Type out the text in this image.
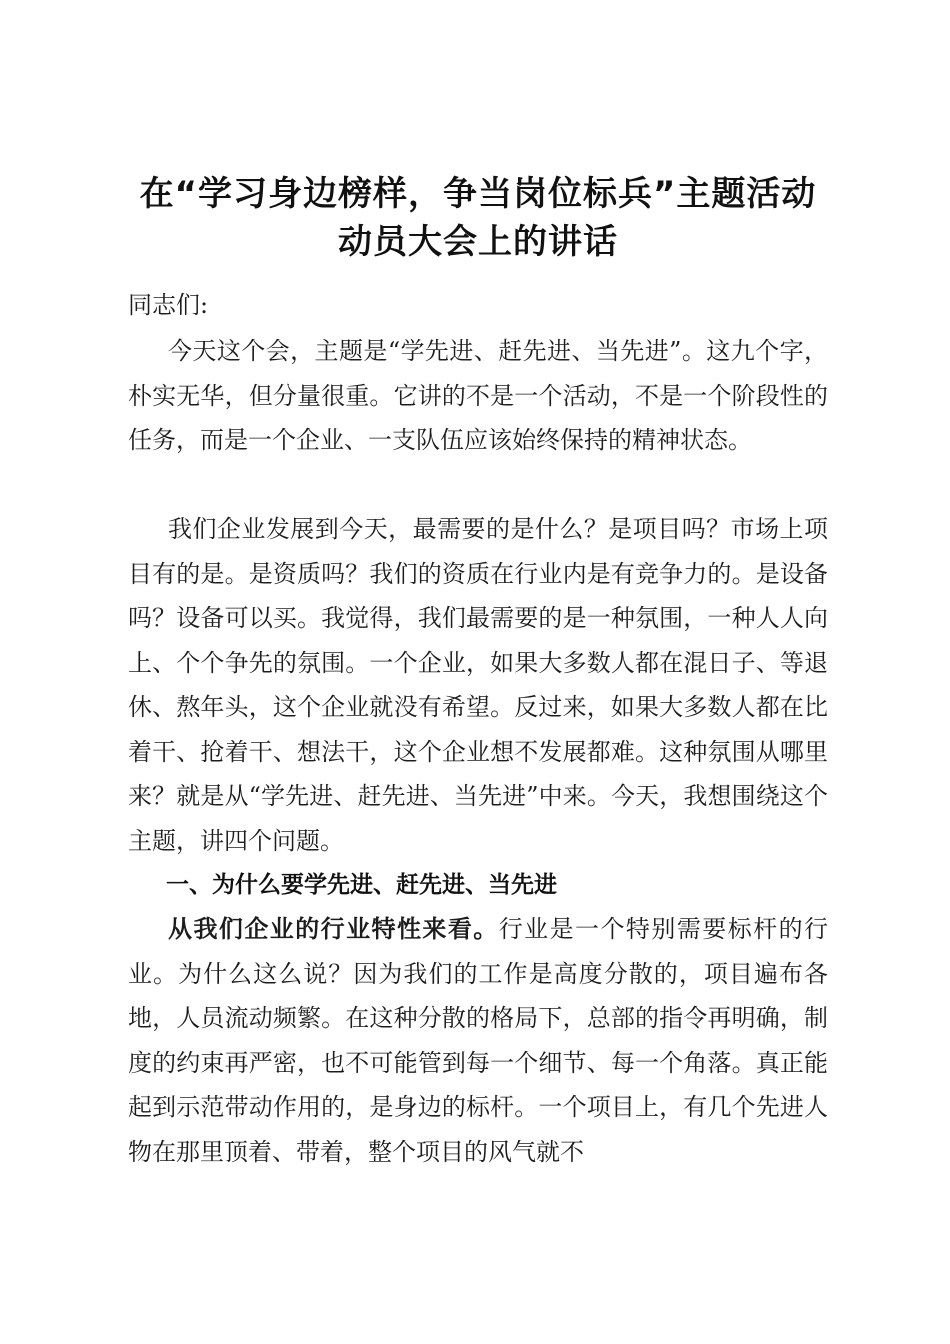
在“学习身边榜样，争当岗位标兵”主题活动
动员大会上的讲话
同志们:

今天这个会，主题是“学先进、赶先进、当先进”。这九个字，朴实无华，但分量很重。它讲的不是一个活动，不是一个阶段性的任务，而是一个企业、一支队伍应该始终保持的精神状态。

我们企业发展到今天，最需要的是什么？是项目吗？市场上项目有的是。是资质吗？我们的资质在行业内是有竞争力的。是设备吗？设备可以买。我觉得，我们最需要的是一种氛围，一种人人向上、个个争先的氛围。一个企业，如果大多数人都在混日子、等退休、熬年头，这个企业就没有希望。反过来，如果大多数人都在比着干、抢着干、想法干，这个企业想不发展都难。这种氛围从哪里来？就是从“学先进、赶先进、当先进”中来。今天，我想围绕这个主题，讲四个问题。

一、为什么要学先进、赶先进、当先进

从我们企业的行业特性来看。行业是一个特别需要标杆的行业。为什么这么说？因为我们的工作是高度分散的，项目遍布各地，人员流动频繁。在这种分散的格局下，总部的指令再明确，制度的约束再严密，也不可能管到每一个细节、每一个角落。真正能起到示范带动作用的，是身边的标杆。一个项目上，有几个先进人物在那里顶着、带着，整个项目的风气就不
